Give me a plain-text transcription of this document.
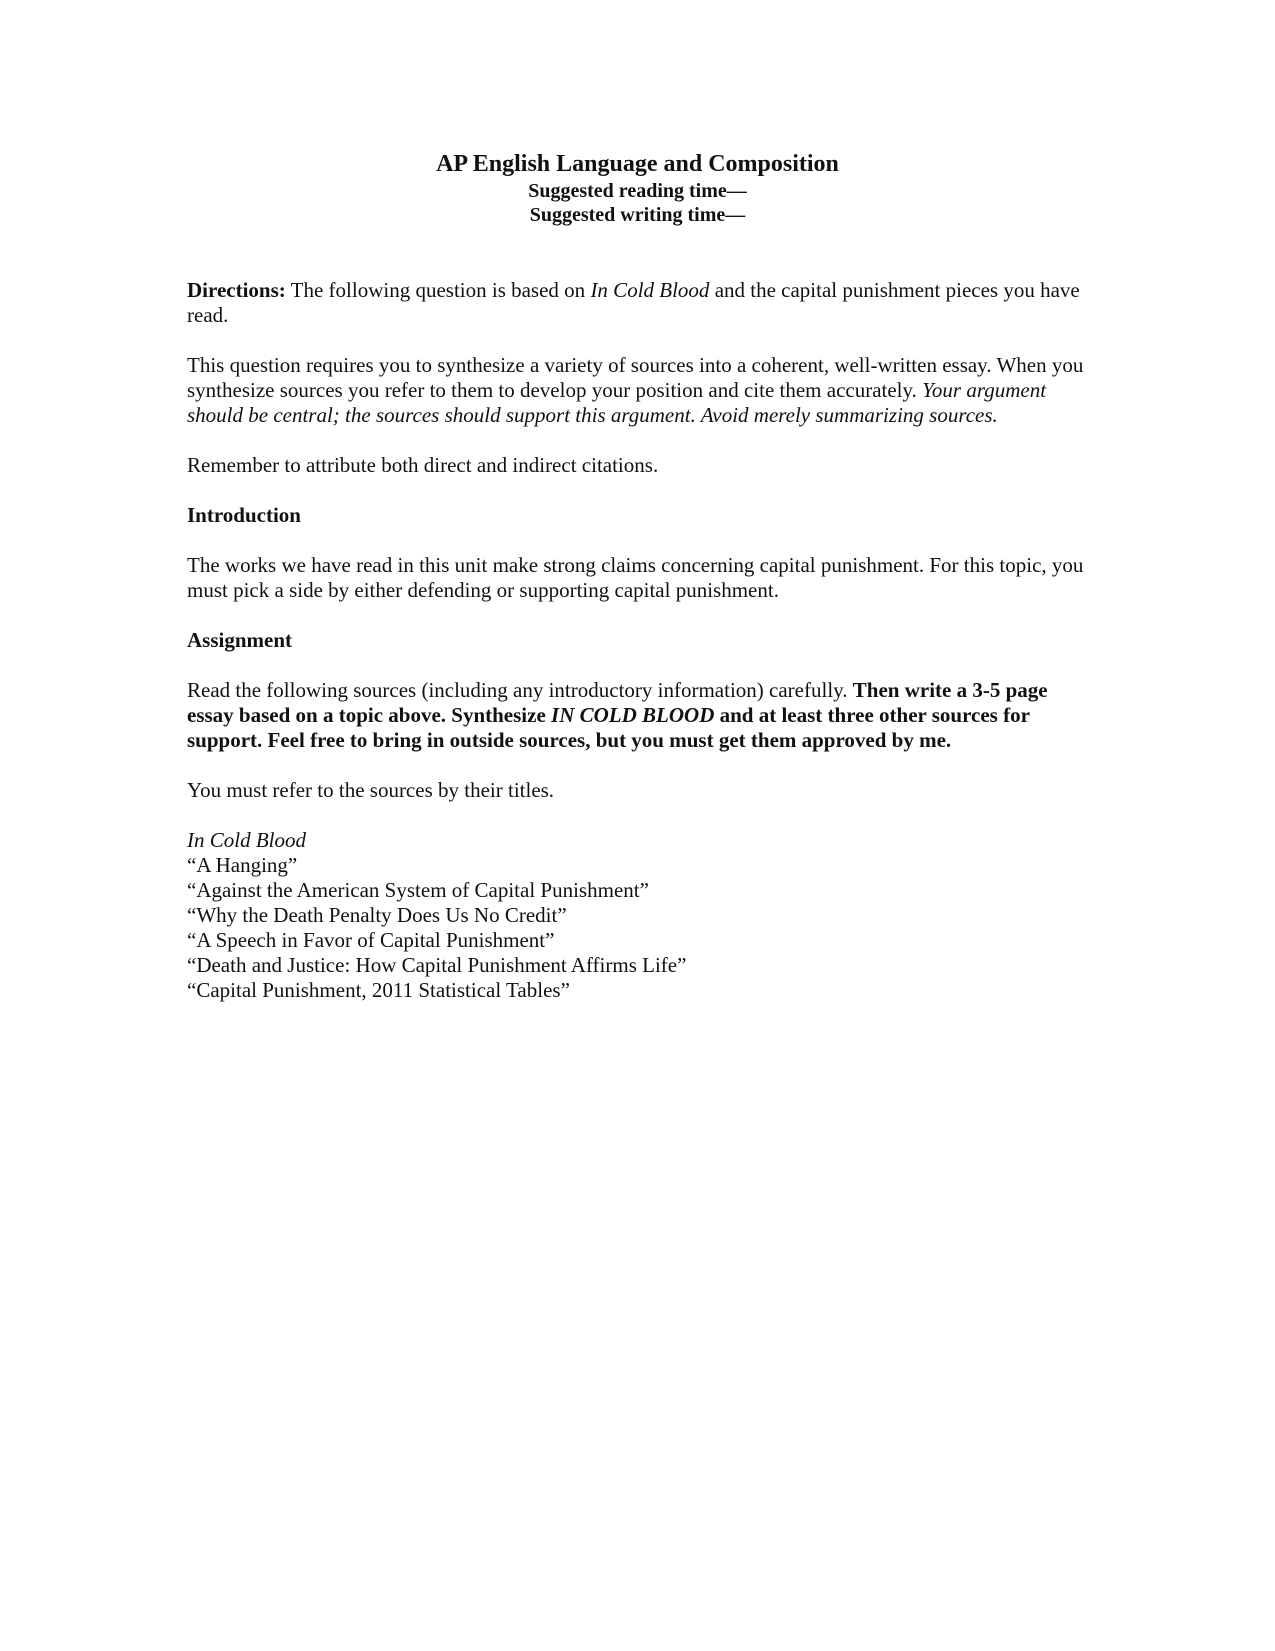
AP English Language and Composition
Suggested reading time—
Suggested writing time—

Directions: The following question is based on In Cold Blood and the capital punishment pieces you have read.

This question requires you to synthesize a variety of sources into a coherent, well-written essay. When you synthesize sources you refer to them to develop your position and cite them accurately. Your argument should be central; the sources should support this argument. Avoid merely summarizing sources.

Remember to attribute both direct and indirect citations.

Introduction

The works we have read in this unit make strong claims concerning capital punishment. For this topic, you must pick a side by either defending or supporting capital punishment.

Assignment

Read the following sources (including any introductory information) carefully. Then write a 3-5 page essay based on a topic above. Synthesize IN COLD BLOOD and at least three other sources for support. Feel free to bring in outside sources, but you must get them approved by me.

You must refer to the sources by their titles.

In Cold Blood
“A Hanging”
“Against the American System of Capital Punishment”
“Why the Death Penalty Does Us No Credit”
“A Speech in Favor of Capital Punishment”
“Death and Justice: How Capital Punishment Affirms Life”
“Capital Punishment, 2011 Statistical Tables”
